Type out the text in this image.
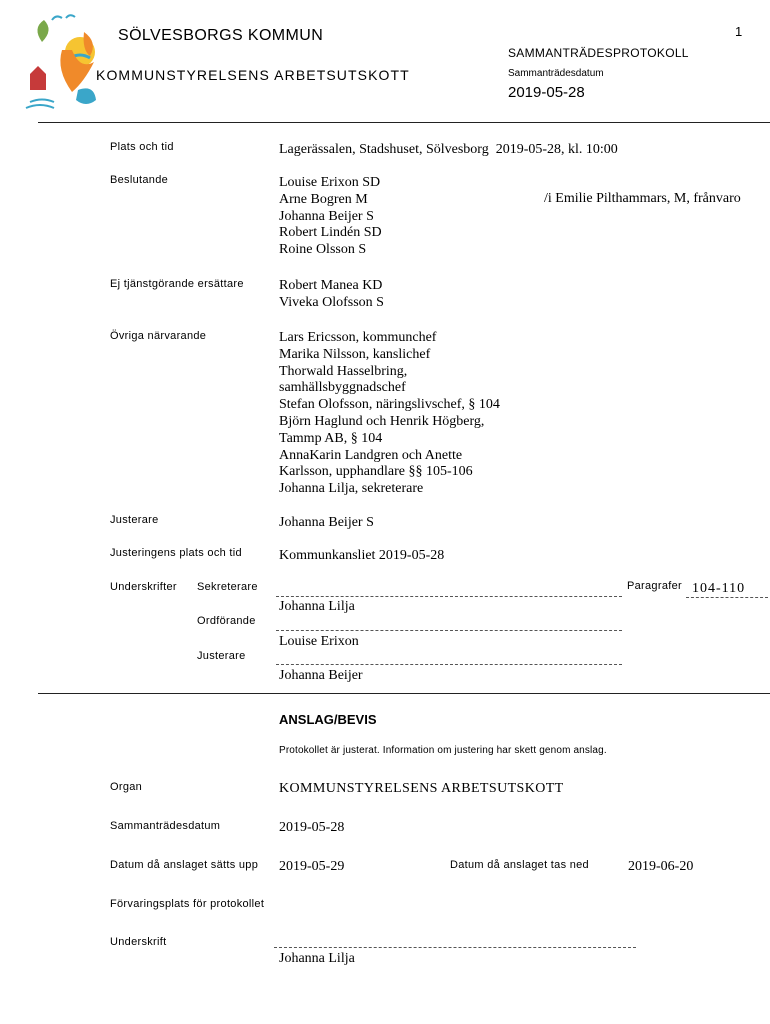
SÖLVESBORGS KOMMUN
KOMMUNSTYRELSENS ARBETSUTSKOTT
1
SAMMANTRÄDESPROTOKOLL
Sammanträdesdatum
2019-05-28
Plats och tid	Lagerässalen, Stadshuset, Sölvesborg  2019-05-28, kl. 10:00
Beslutande	Louise Erixon SD
Arne Bogren M
Johanna Beijer S
Robert Lindén SD
Roine Olsson S
/i Emilie Pilthammars, M, frånvaro
Ej tjänstgörande ersättare	Robert Manea KD
Viveka Olofsson S
Övriga närvarande	Lars Ericsson, kommunchef
Marika Nilsson, kanslichef
Thorwald Hasselbring,
samhällsbyggnadschef
Stefan Olofsson, näringslivschef, § 104
Björn Haglund och Henrik Högberg,
Tammp AB, § 104
AnnaKarin Landgren och Anette
Karlsson, upphandlare §§ 105-106
Johanna Lilja, sekreterare
Justerare	Johanna Beijer S
Justeringens plats och tid	Kommunkansliet 2019-05-28
Underskrifter Sekreterare
Johanna Lilja
Paragrafer 104-110
Ordförande
Louise Erixon
Justerare
Johanna Beijer
ANSLAG/BEVIS
Protokollet är justerat. Information om justering har skett genom anslag.
Organ	KOMMUNSTYRELSENS ARBETSUTSKOTT
Sammanträdesdatum	2019-05-28
Datum då anslaget sätts upp 2019-05-29	Datum då anslaget tas ned	2019-06-20
Förvaringsplats för protokollet
Underskrift
Johanna Lilja
